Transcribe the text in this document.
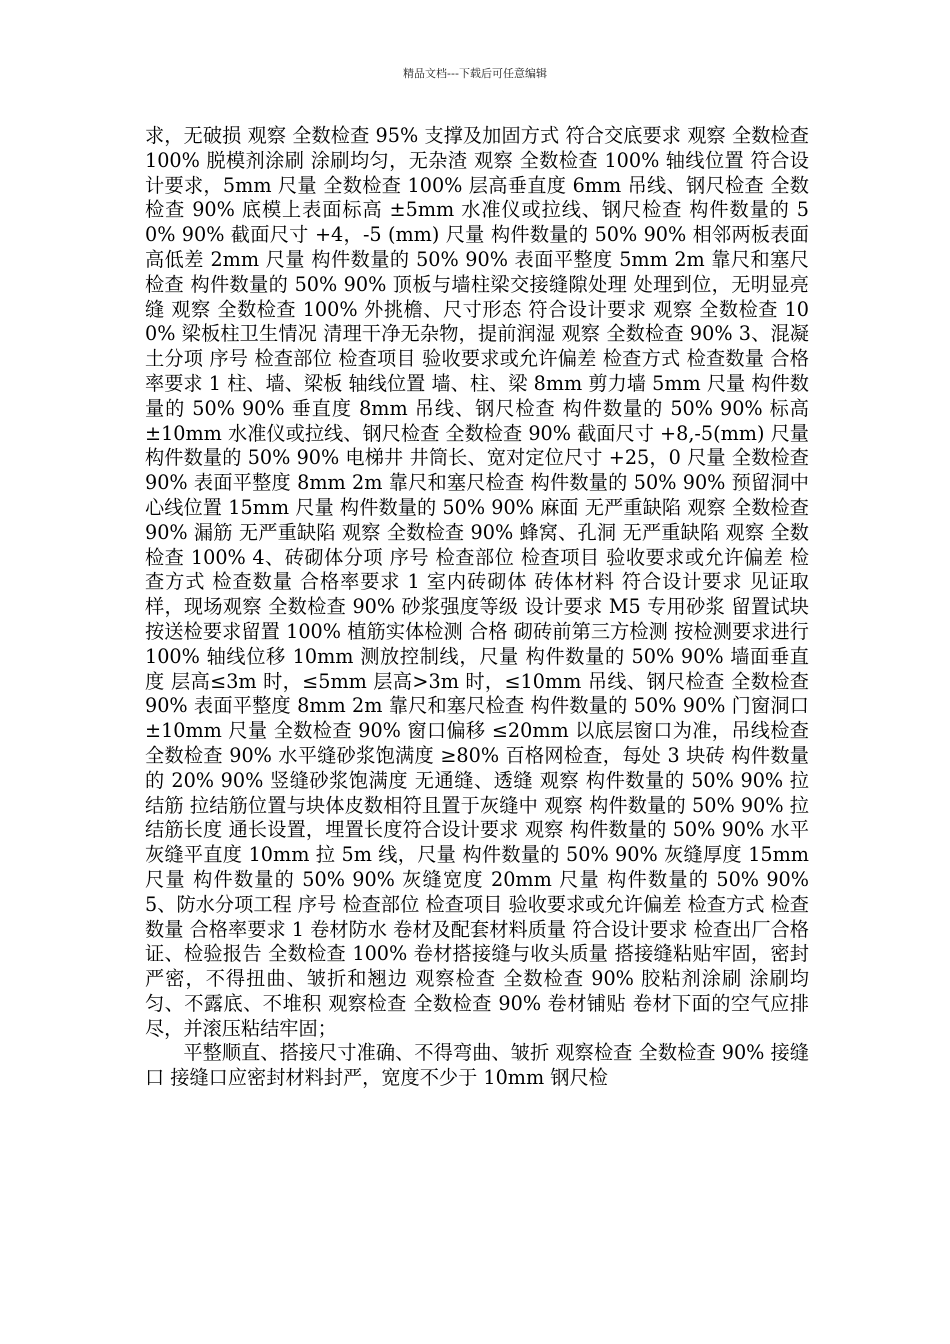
精品文档---下载后可任意编辑

求，无破损 观察 全数检查 95% 支撑及加固方式 符合交底要求 观察 全数检查 100% 脱模剂涂刷 涂刷均匀，无杂渣 观察 全数检查 100% 轴线位置 符合设计要求，5mm 尺量 全数检查 100% 层高垂直度 6mm 吊线、钢尺检查 全数检查 90% 底模上表面标高 ±5mm 水准仪或拉线、钢尺检查 构件数量的 50% 90% 截面尺寸 +4，-5 (mm) 尺量 构件数量的 50% 90% 相邻两板表面高低差 2mm 尺量 构件数量的 50% 90% 表面平整度 5mm 2m 靠尺和塞尺检查 构件数量的 50% 90% 顶板与墙柱梁交接缝隙处理 处理到位，无明显亮缝 观察 全数检查 100% 外挑檐、尺寸形态 符合设计要求 观察 全数检查 100% 梁板柱卫生情况 清理干净无杂物，提前润湿 观察 全数检查 90% 3、混凝土分项 序号 检查部位 检查项目 验收要求或允许偏差 检查方式 检查数量 合格率要求 1 柱、墙、梁板 轴线位置 墙、柱、梁 8mm 剪力墙 5mm 尺量 构件数量的 50% 90% 垂直度 8mm 吊线、钢尺检查 构件数量的 50% 90% 标高 ±10mm 水准仪或拉线、钢尺检查 全数检查 90% 截面尺寸 +8,-5(mm) 尺量 构件数量的 50% 90% 电梯井 井筒长、宽对定位尺寸 +25，0 尺量 全数检查 90% 表面平整度 8mm 2m 靠尺和塞尺检查 构件数量的 50% 90% 预留洞中心线位置 15mm 尺量 构件数量的 50% 90% 麻面 无严重缺陷 观察 全数检查 90% 漏筋 无严重缺陷 观察 全数检查 90% 蜂窝、孔洞 无严重缺陷 观察 全数检查 100% 4、砖砌体分项 序号 检查部位 检查项目 验收要求或允许偏差 检查方式 检查数量 合格率要求 1 室内砖砌体 砖体材料 符合设计要求 见证取样，现场观察 全数检查 90% 砂浆强度等级 设计要求 M5 专用砂浆 留置试块 按送检要求留置 100% 植筋实体检测 合格 砌砖前第三方检测 按检测要求进行 100% 轴线位移 10mm 测放控制线，尺量 构件数量的 50% 90% 墙面垂直度 层高≤3m 时，≤5mm 层高>3m 时，≤10mm 吊线、钢尺检查 全数检查 90% 表面平整度 8mm 2m 靠尺和塞尺检查 构件数量的 50% 90% 门窗洞口 ±10mm 尺量 全数检查 90% 窗口偏移 ≤20mm 以底层窗口为准，吊线检查 全数检查 90% 水平缝砂浆饱满度 ≥80% 百格网检查，每处 3 块砖 构件数量的 20% 90% 竖缝砂浆饱满度 无通缝、透缝 观察 构件数量的 50% 90% 拉结筋 拉结筋位置与块体皮数相符且置于灰缝中 观察 构件数量的 50% 90% 拉结筋长度 通长设置，埋置长度符合设计要求 观察 构件数量的 50% 90% 水平灰缝平直度 10mm 拉 5m 线，尺量 构件数量的 50% 90% 灰缝厚度 15mm 尺量 构件数量的 50% 90% 灰缝宽度 20mm 尺量 构件数量的 50% 90% 5、防水分项工程 序号 检查部位 检查项目 验收要求或允许偏差 检查方式 检查数量 合格率要求 1 卷材防水 卷材及配套材料质量 符合设计要求 检查出厂合格证、检验报告 全数检查 100% 卷材搭接缝与收头质量 搭接缝粘贴牢固，密封严密，不得扭曲、皱折和翘边 观察检查 全数检查 90% 胶粘剂涂刷 涂刷均匀、不露底、不堆积 观察检查 全数检查 90% 卷材铺贴 卷材下面的空气应排尽，并滚压粘结牢固；

平整顺直、搭接尺寸准确、不得弯曲、皱折 观察检查 全数检查 90% 接缝口 接缝口应密封材料封严，宽度不少于 10mm 钢尺检
